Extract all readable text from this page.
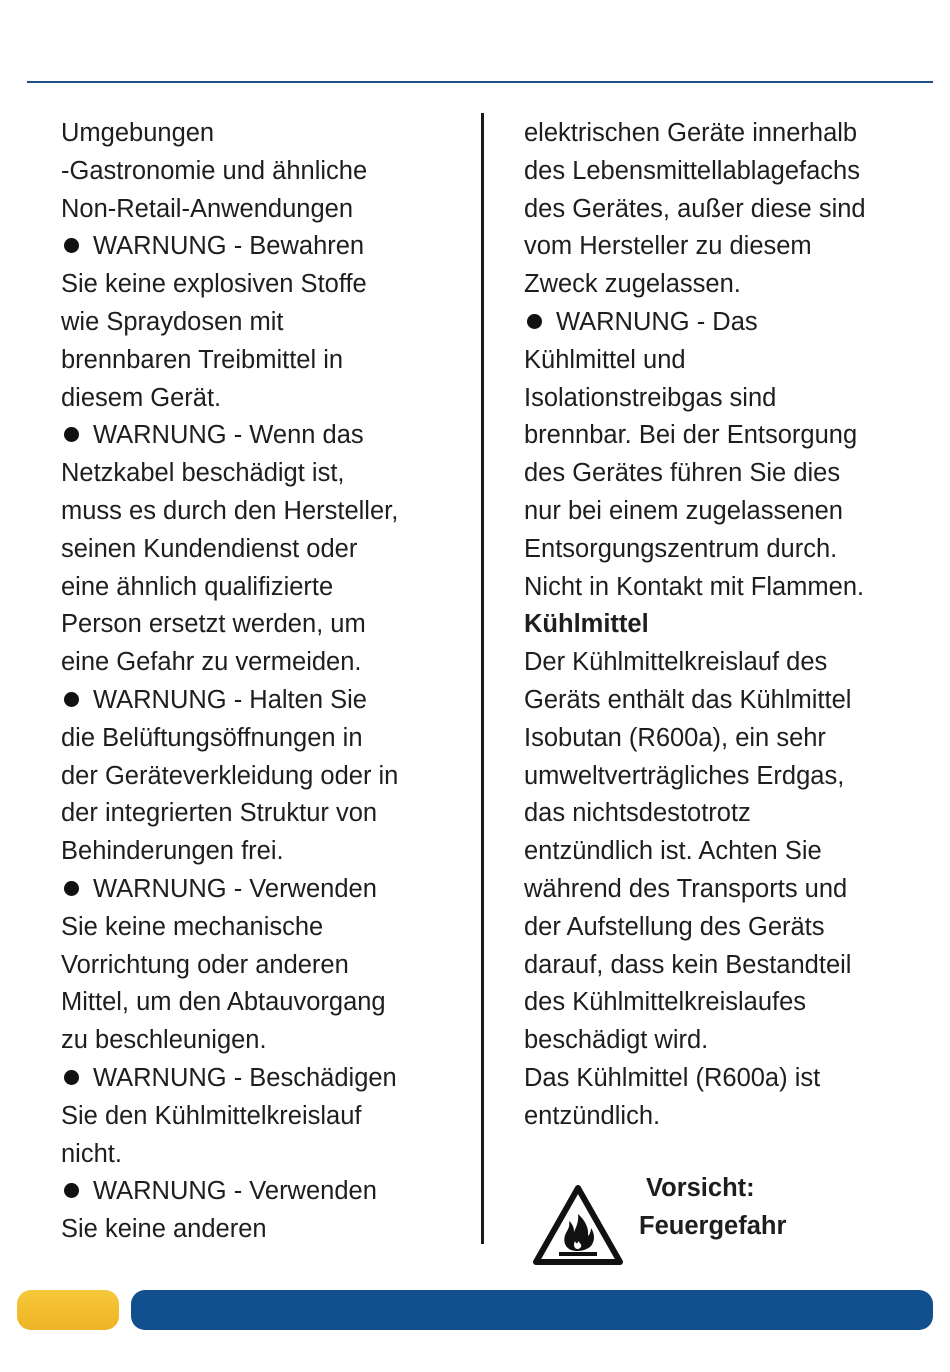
Umgebungen
-Gastronomie und ähnliche
Non-Retail-Anwendungen
WARNUNG - Bewahren
Sie keine explosiven Stoffe
wie Spraydosen mit
brennbaren Treibmittel in
diesem Gerät.
WARNUNG - Wenn das
Netzkabel beschädigt ist,
muss es durch den Hersteller,
seinen Kundendienst oder
eine ähnlich qualifizierte
Person ersetzt werden, um
eine Gefahr zu vermeiden.
WARNUNG - Halten Sie
die Belüftungsöffnungen in
der Geräteverkleidung oder in
der integrierten Struktur von
Behinderungen frei.
WARNUNG - Verwenden
Sie keine mechanische
Vorrichtung oder anderen
Mittel, um den Abtauvorgang
zu beschleunigen.
WARNUNG - Beschädigen
Sie den Kühlmittelkreislauf
nicht.
WARNUNG - Verwenden
Sie keine anderen
elektrischen Geräte innerhalb
des Lebensmittellablagefachs
des Gerätes, außer diese sind
vom Hersteller zu diesem
Zweck zugelassen.
WARNUNG - Das
Kühlmittel und
Isolationstreibgas sind
brennbar. Bei der Entsorgung
des Gerätes führen Sie dies
nur bei einem zugelassenen
Entsorgungszentrum durch.
Nicht in Kontakt mit Flammen.
Kühlmittel
Der Kühlmittelkreislauf des
Geräts enthält das Kühlmittel
Isobutan (R600a), ein sehr
umweltverträgliches Erdgas,
das nichtsdestotrotz
entzündlich ist. Achten Sie
während des Transports und
der Aufstellung des Geräts
darauf, dass kein Bestandteil
des Kühlmittelkreislaufes
beschädigt wird.
Das Kühlmittel (R600a) ist
entzündlich.
Vorsicht:
Feuergefahr
